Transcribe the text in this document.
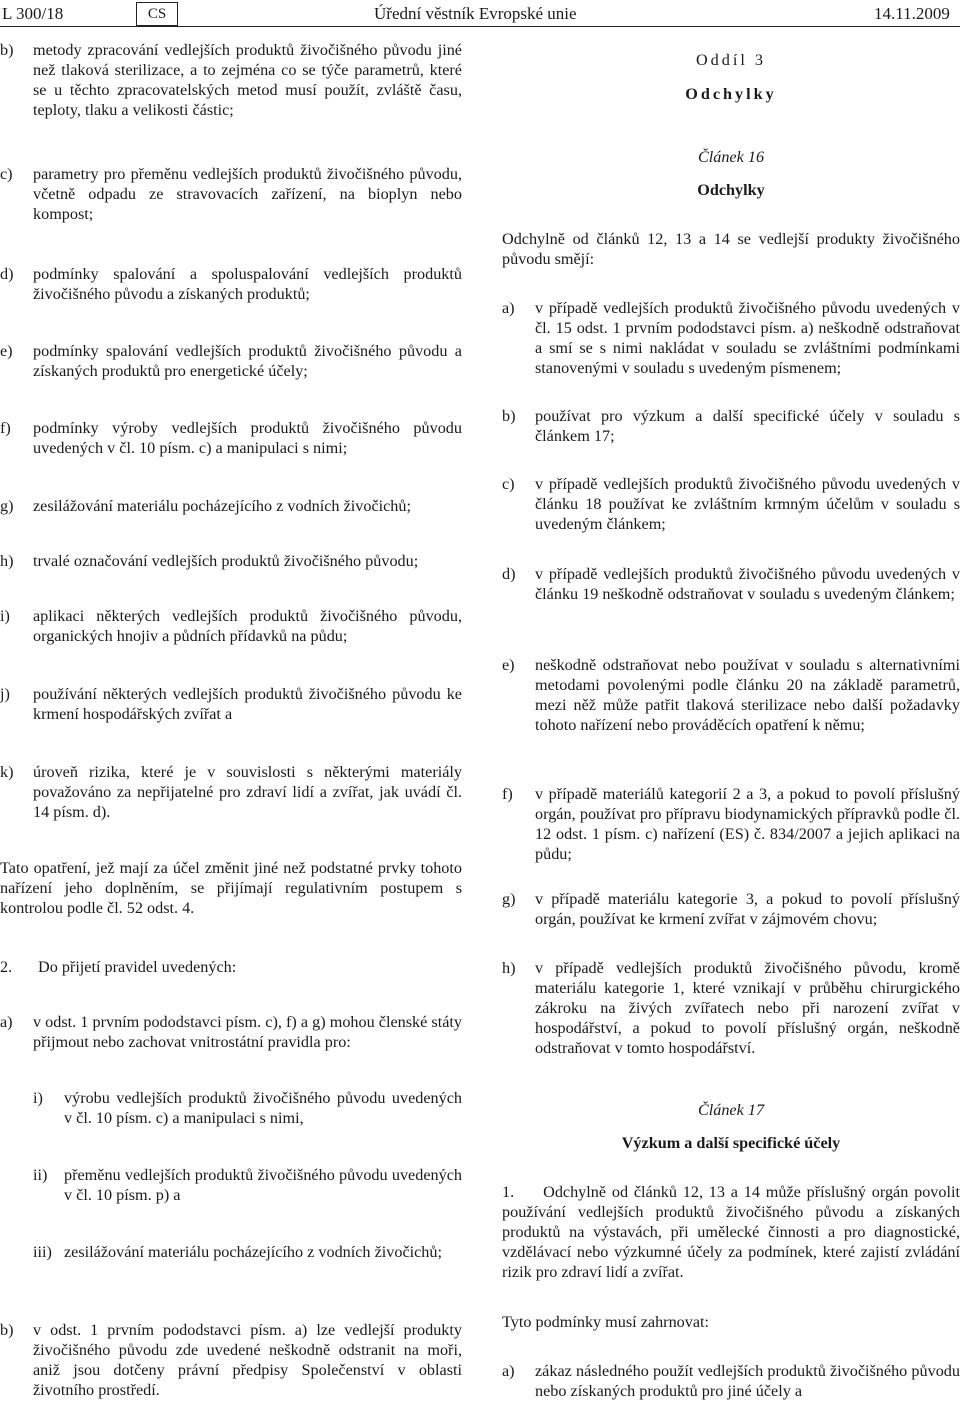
L 300/18	CS	Úřední věstník Evropské unie	14.11.2009
b) metody zpracování vedlejších produktů živočišného původu jiné než tlaková sterilizace, a to zejména co se týče parametrů, které se u těchto zpracovatelských metod musí použít, zvláště času, teploty, tlaku a velikosti částic;
c) parametry pro přeměnu vedlejších produktů živočišného původu, včetně odpadu ze stravovacích zařízení, na bioplyn nebo kompost;
d) podmínky spalování a spoluspalování vedlejších produktů živočišného původu a získaných produktů;
e) podmínky spalování vedlejších produktů živočišného původu a získaných produktů pro energetické účely;
f) podmínky výroby vedlejších produktů živočišného původu uvedených v čl. 10 písm. c) a manipulaci s nimi;
g) zesilážování materiálu pocházejícího z vodních živočichů;
h) trvalé označování vedlejších produktů živočišného původu;
i) aplikaci některých vedlejších produktů živočišného původu, organických hnojiv a půdních přídavků na půdu;
j) používání některých vedlejších produktů živočišného původu ke krmení hospodářských zvířat a
k) úroveň rizika, které je v souvislosti s některými materiály považováno za nepřijatelné pro zdraví lidí a zvířat, jak uvádí čl. 14 písm. d).

Tato opatření, jež mají za účel změnit jiné než podstatné prvky tohoto nařízení jeho doplněním, se přijímají regulativním postupem s kontrolou podle čl. 52 odst. 4.

2. Do přijetí pravidel uvedených:
a) v odst. 1 prvním pododstavci písm. c), f) a g) mohou členské státy přijmout nebo zachovat vnitrostátní pravidla pro:
i) výrobu vedlejších produktů živočišného původu uvedených v čl. 10 písm. c) a manipulaci s nimi,
ii) přeměnu vedlejších produktů živočišného původu uvedených v čl. 10 písm. p) a
iii) zesilážování materiálu pocházejícího z vodních živočichů;
b) v odst. 1 prvním pododstavci písm. a) lze vedlejší produkty živočišného původu zde uvedené neškodně odstranit na moři, aniž jsou dotčeny právní předpisy Společenství v oblasti životního prostředí.

Oddíl 3

Odchylky

Článek 16

Odchylky

Odchylně od článků 12, 13 a 14 se vedlejší produkty živočišného původu smějí:

a) v případě vedlejších produktů živočišného původu uvedených v čl. 15 odst. 1 prvním pododstavci písm. a) neškodně odstraňovat a smí se s nimi nakládat v souladu se zvláštními podmínkami stanovenými v souladu s uvedeným písmenem;
b) používat pro výzkum a další specifické účely v souladu s článkem 17;
c) v případě vedlejších produktů živočišného původu uvedených v článku 18 používat ke zvláštním krmným účelům v souladu s uvedeným článkem;
d) v případě vedlejších produktů živočišného původu uvedených v článku 19 neškodně odstraňovat v souladu s uvedeným článkem;
e) neškodně odstraňovat nebo používat v souladu s alternativními metodami povolenými podle článku 20 na základě parametrů, mezi něž může patřit tlaková sterilizace nebo další požadavky tohoto nařízení nebo prováděcích opatření k němu;
f) v případě materiálů kategorií 2 a 3, a pokud to povolí příslušný orgán, používat pro přípravu biodynamických přípravků podle čl. 12 odst. 1 písm. c) nařízení (ES) č. 834/2007 a jejich aplikaci na půdu;
g) v případě materiálu kategorie 3, a pokud to povolí příslušný orgán, používat ke krmení zvířat v zájmovém chovu;
h) v případě vedlejších produktů živočišného původu, kromě materiálu kategorie 1, které vznikají v průběhu chirurgického zákroku na živých zvířatech nebo při narození zvířat v hospodářství, a pokud to povolí příslušný orgán, neškodně odstraňovat v tomto hospodářství.

Článek 17

Výzkum a další specifické účely

1. Odchylně od článků 12, 13 a 14 může příslušný orgán povolit používání vedlejších produktů živočišného původu a získaných produktů na výstavách, při umělecké činnosti a pro diagnostické, vzdělávací nebo výzkumné účely za podmínek, které zajistí zvládání rizik pro zdraví lidí a zvířat.

Tyto podmínky musí zahrnovat:

a) zákaz následného použít vedlejších produktů živočišného původu nebo získaných produktů pro jiné účely a
